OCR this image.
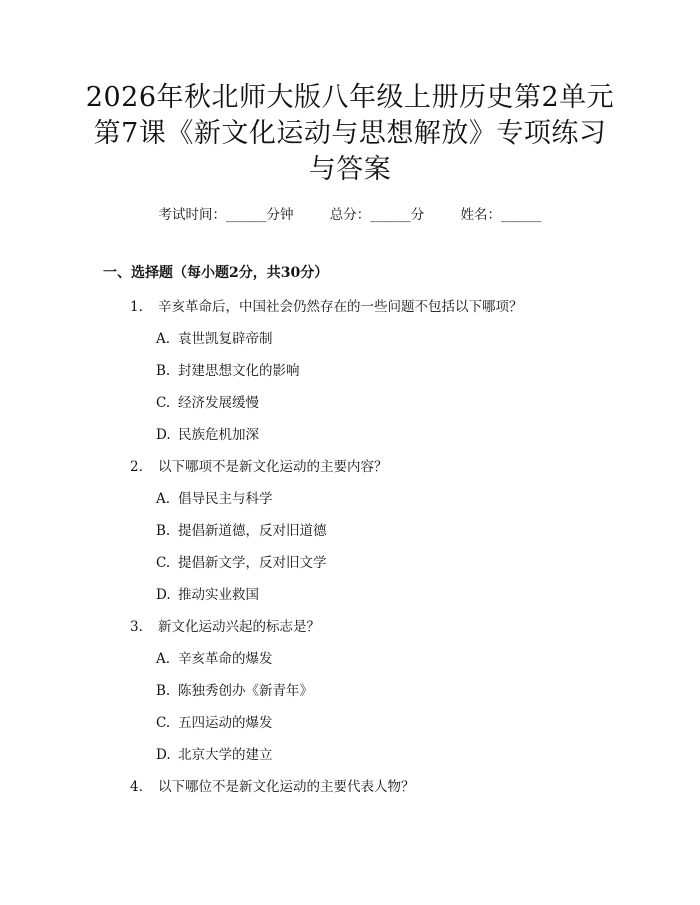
2026年秋北师大版八年级上册历史第2单元
第7课《新文化运动与思想解放》专项练习
与答案
考试时间：______分钟	总分：______分	姓名：______
一、选择题（每小题2分，共30分）
1. 辛亥革命后，中国社会仍然存在的一些问题不包括以下哪项？
A. 袁世凯复辟帝制
B. 封建思想文化的影响
C. 经济发展缓慢
D. 民族危机加深
2. 以下哪项不是新文化运动的主要内容？
A. 倡导民主与科学
B. 提倡新道德，反对旧道德
C. 提倡新文学，反对旧文学
D. 推动实业救国
3. 新文化运动兴起的标志是？
A. 辛亥革命的爆发
B. 陈独秀创办《新青年》
C. 五四运动的爆发
D. 北京大学的建立
4. 以下哪位不是新文化运动的主要代表人物？
